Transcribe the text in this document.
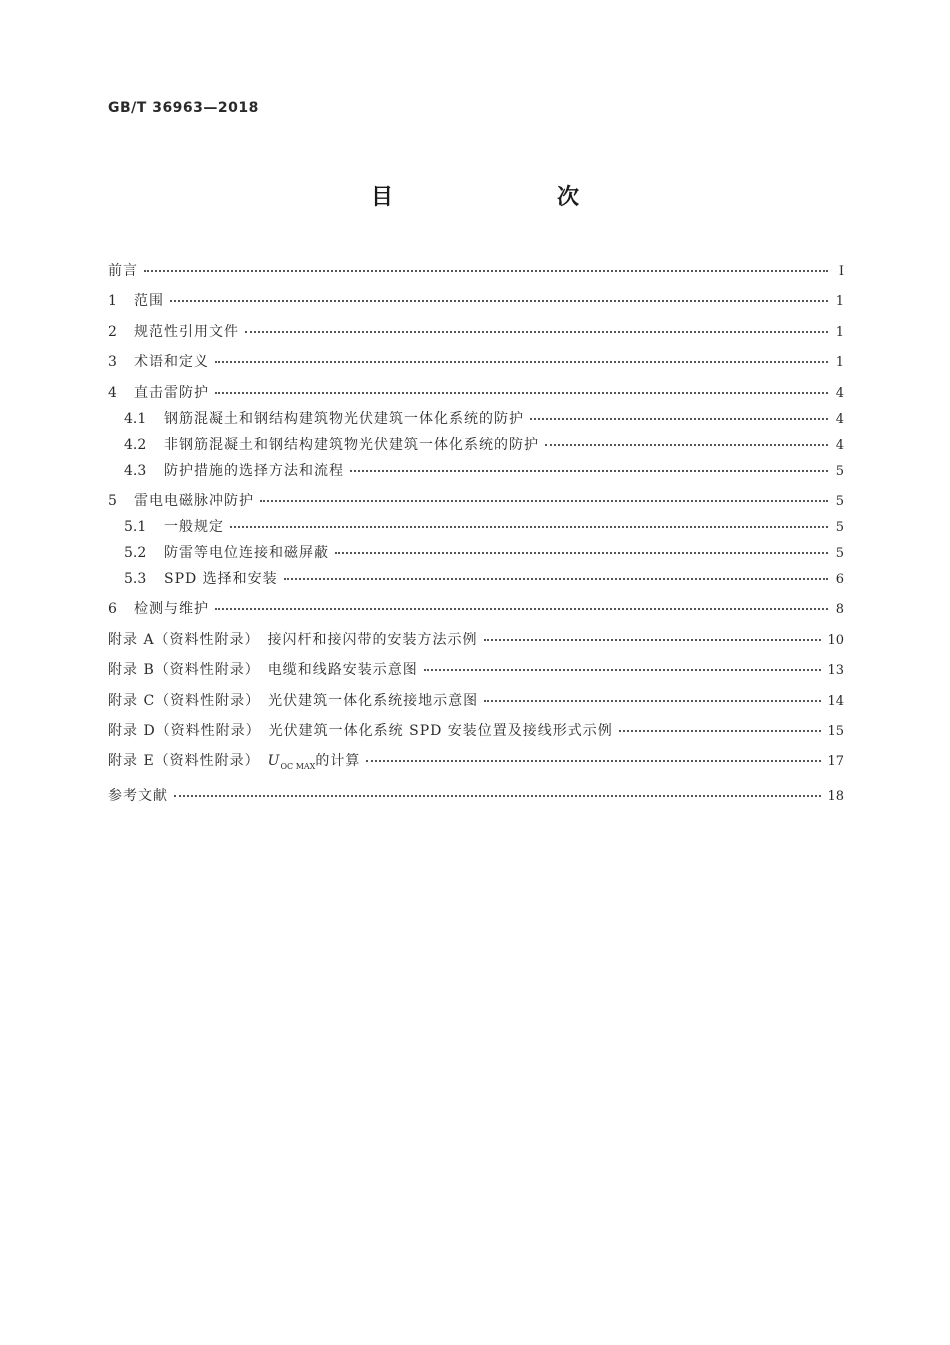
GB/T 36963—2018
目　　次
前言	Ⅰ
1	范围	1
2	规范性引用文件	1
3	术语和定义	1
4	直击雷防护	4
4.1	钢筋混凝土和钢结构建筑物光伏建筑一体化系统的防护	4
4.2	非钢筋混凝土和钢结构建筑物光伏建筑一体化系统的防护	4
4.3	防护措施的选择方法和流程	5
5	雷电电磁脉冲防护	5
5.1	一般规定	5
5.2	防雷等电位连接和磁屏蔽	5
5.3	SPD 选择和安装	6
6	检测与维护	8
附录 A（资料性附录）　接闪杆和接闪带的安装方法示例	10
附录 B（资料性附录）　电缆和线路安装示意图	13
附录 C（资料性附录）　光伏建筑一体化系统接地示意图	14
附录 D（资料性附录）　光伏建筑一体化系统 SPD 安装位置及接线形式示例	15
附录 E（资料性附录）　$U_{OC MAX}$的计算	17
参考文献	18
